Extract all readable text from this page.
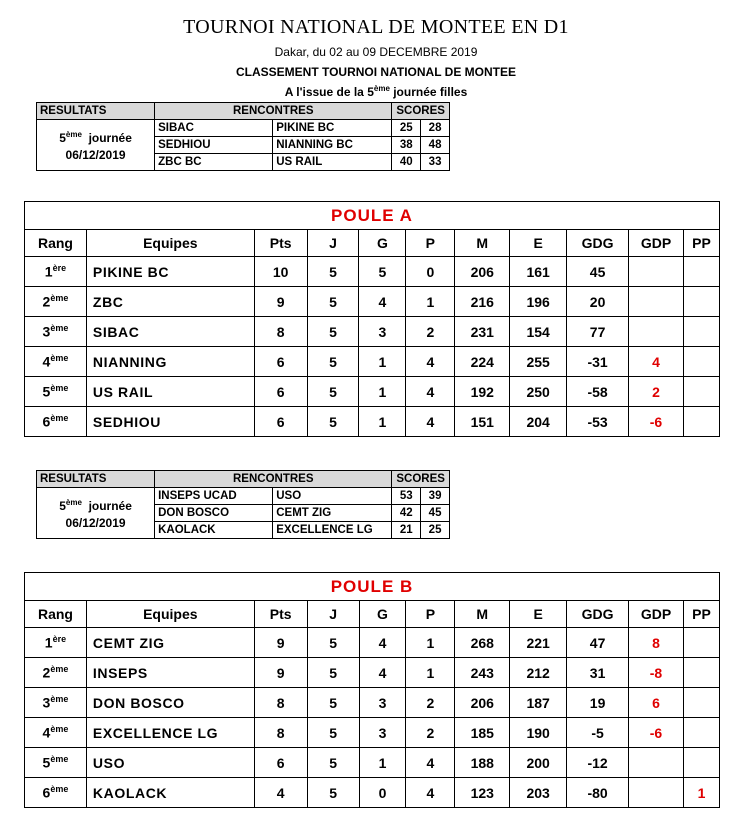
TOURNOI NATIONAL DE MONTEE EN D1
Dakar, du 02 au 09 DECEMBRE 2019
CLASSEMENT TOURNOI NATIONAL DE MONTEE
A l'issue de la 5ème journée filles
RESULTATS	RENCONTRES		SCORES	
5ème journée
06/12/2019	SIBAC	PIKINE BC	25	28
	SEDHIOU	NIANNING BC	38	48
	ZBC BC	US RAIL	40	33
POULE A										
Rang	Equipes	Pts	J	G	P	M	E	GDG	GDP	PP
1ère	PIKINE BC	10	5	5	0	206	161	45		
2ème	ZBC	9	5	4	1	216	196	20		
3ème	SIBAC	8	5	3	2	231	154	77		
4ème	NIANNING	6	5	1	4	224	255	-31	4	
5ème	US RAIL	6	5	1	4	192	250	-58	2	
6ème	SEDHIOU	6	5	1	4	151	204	-53	-6	
RESULTATS	RENCONTRES		SCORES	
5ème journée
06/12/2019	INSEPS UCAD	USO	53	39
	DON BOSCO	CEMT ZIG	42	45
	KAOLACK	EXCELLENCE LG	21	25
POULE B										
Rang	Equipes	Pts	J	G	P	M	E	GDG	GDP	PP
1ère	CEMT ZIG	9	5	4	1	268	221	47	8	
2ème	INSEPS	9	5	4	1	243	212	31	-8	
3ème	DON BOSCO	8	5	3	2	206	187	19	6	
4ème	EXCELLENCE LG	8	5	3	2	185	190	-5	-6	
5ème	USO	6	5	1	4	188	200	-12		
6ème	KAOLACK	4	5	0	4	123	203	-80		1
